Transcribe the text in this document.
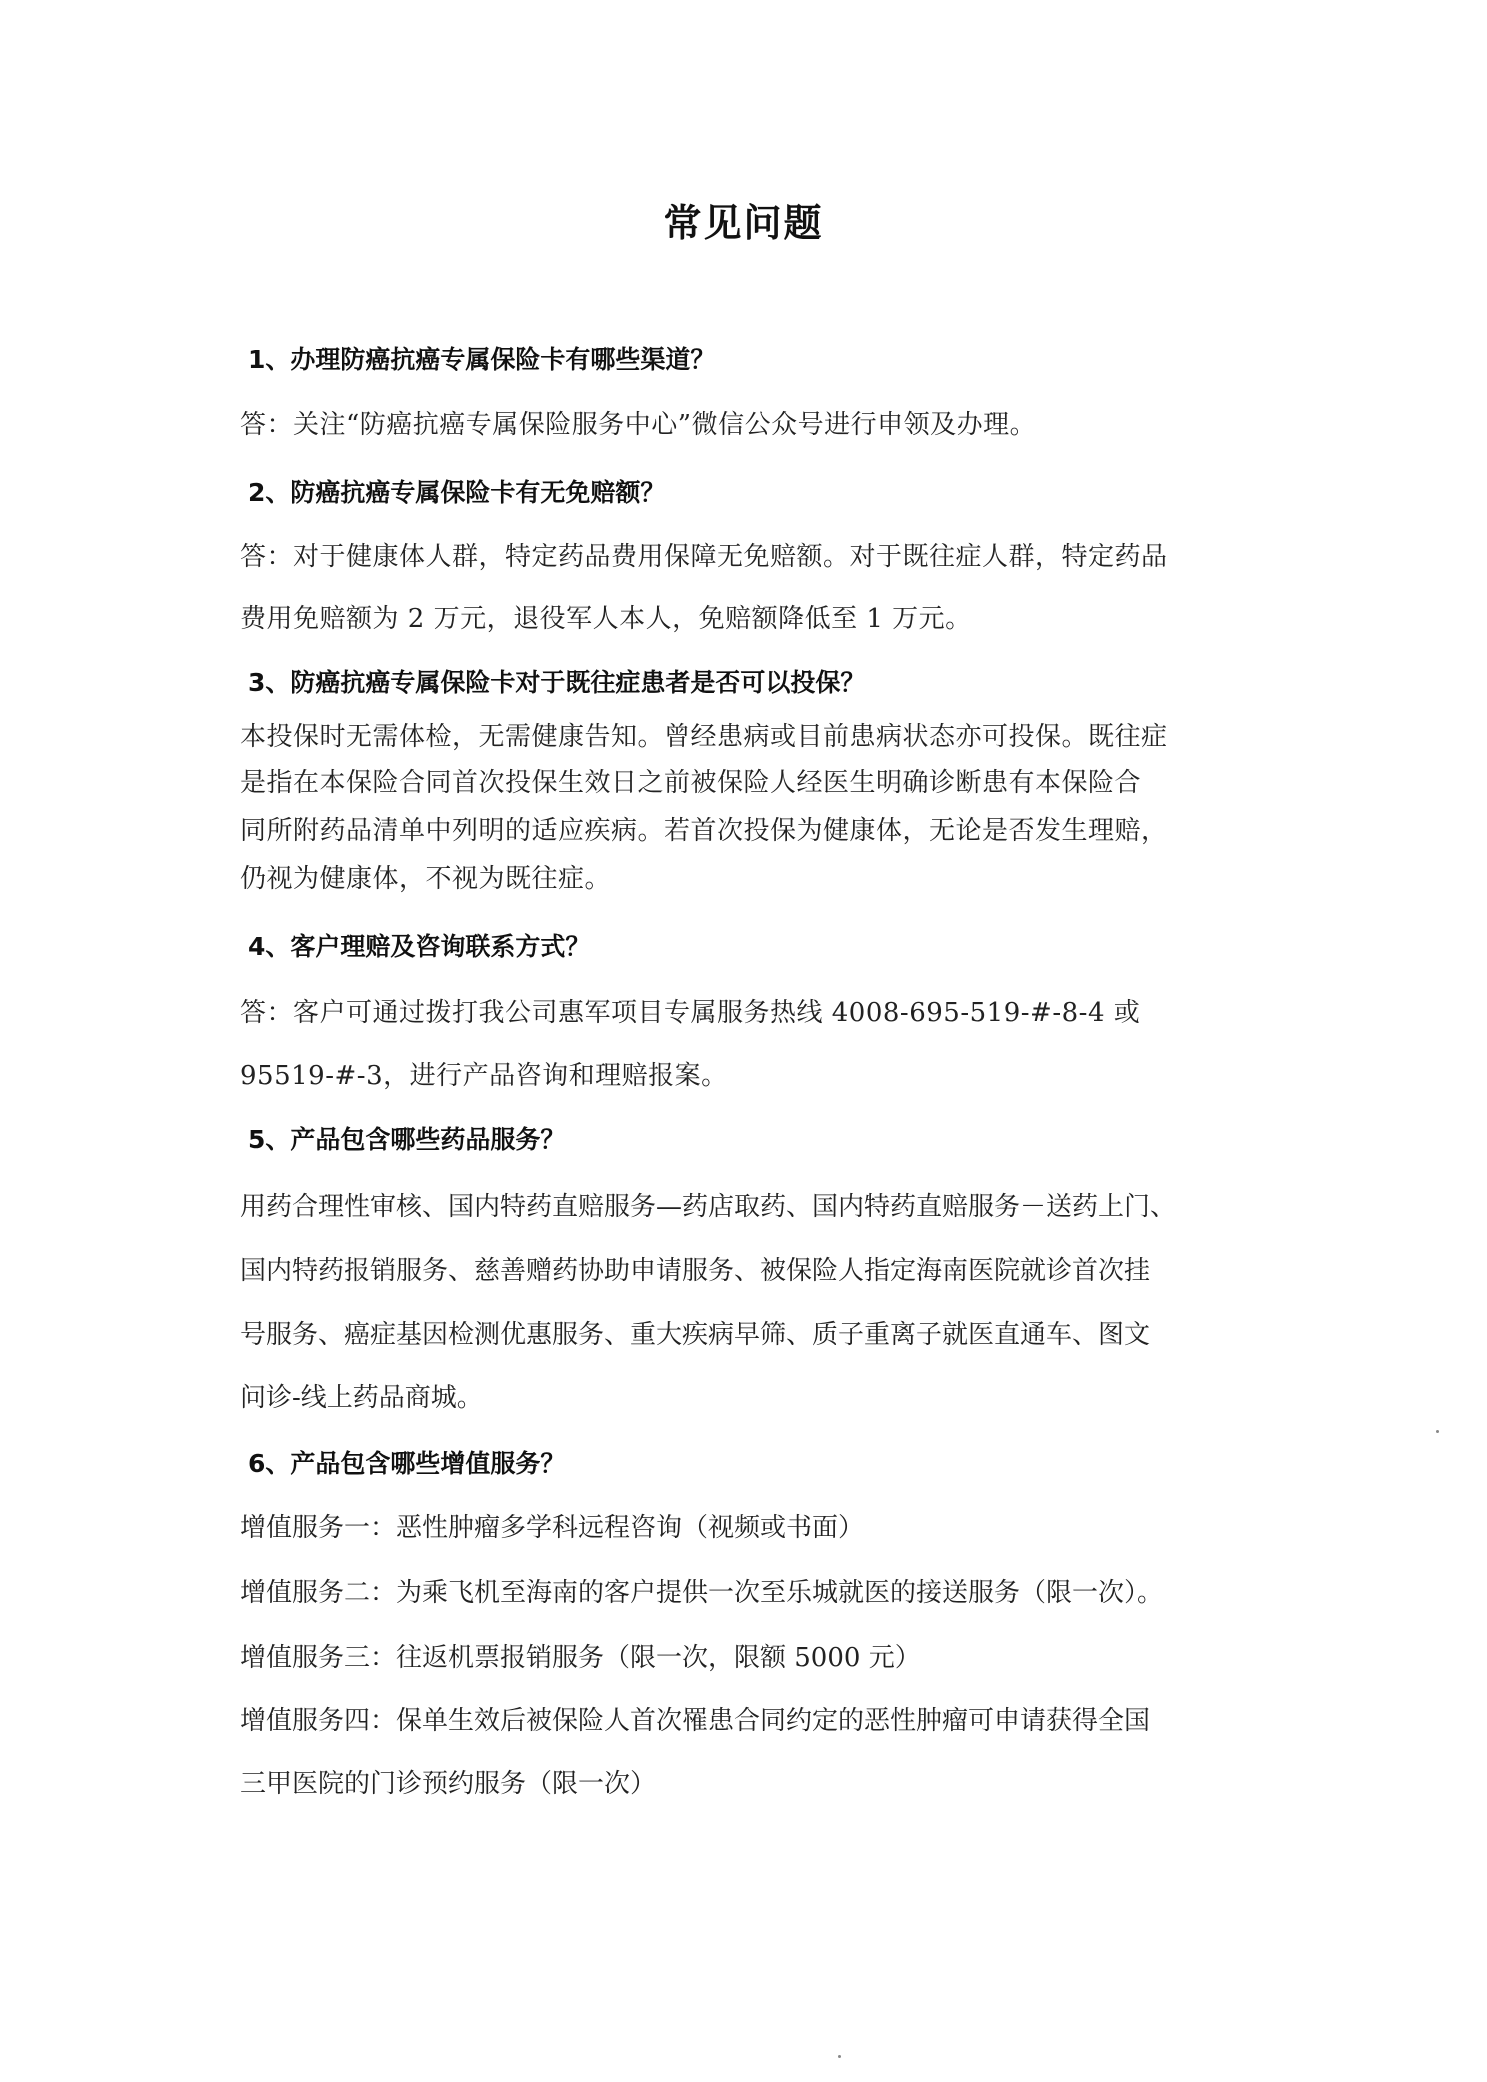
常见问题
1、办理防癌抗癌专属保险卡有哪些渠道？
答：关注“防癌抗癌专属保险服务中心”微信公众号进行申领及办理。
2、防癌抗癌专属保险卡有无免赔额？
答：对于健康体人群，特定药品费用保障无免赔额。对于既往症人群，特定药品
费用免赔额为 2 万元，退役军人本人，免赔额降低至 1 万元。
3、防癌抗癌专属保险卡对于既往症患者是否可以投保？
本投保时无需体检，无需健康告知。曾经患病或目前患病状态亦可投保。既往症
是指在本保险合同首次投保生效日之前被保险人经医生明确诊断患有本保险合
同所附药品清单中列明的适应疾病。若首次投保为健康体，无论是否发生理赔，
仍视为健康体，不视为既往症。
4、客户理赔及咨询联系方式？
答：客户可通过拨打我公司惠军项目专属服务热线 4008-695-519-#-8-4 或
95519-#-3，进行产品咨询和理赔报案。
5、产品包含哪些药品服务？
用药合理性审核、国内特药直赔服务—药店取药、国内特药直赔服务－送药上门、
国内特药报销服务、慈善赠药协助申请服务、被保险人指定海南医院就诊首次挂
号服务、癌症基因检测优惠服务、重大疾病早筛、质子重离子就医直通车、图文
问诊-线上药品商城。
6、产品包含哪些增值服务？
增值服务一：恶性肿瘤多学科远程咨询（视频或书面）
增值服务二：为乘飞机至海南的客户提供一次至乐城就医的接送服务（限一次）。
增值服务三：往返机票报销服务（限一次，限额 5000 元）
增值服务四：保单生效后被保险人首次罹患合同约定的恶性肿瘤可申请获得全国
三甲医院的门诊预约服务（限一次）
